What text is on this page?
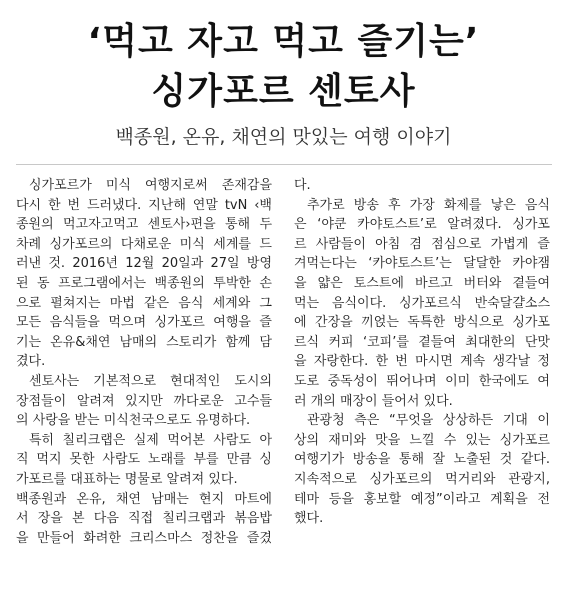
‘먹고 자고 먹고 즐기는’
싱가포르 센토사
백종원, 온유, 채연의 맛있는 여행 이야기
싱가포르가 미식 여행지로써 존재감을
다시 한 번 드러냈다. 지난해 연말 tvN ‹백
종원의 먹고자고먹고 센토사›편을 통해 두
차례 싱가포르의 다채로운 미식 세계를 드
러낸 것. 2016년 12월 20일과 27일 방영
된 동 프로그램에서는 백종원의 투박한 손
으로 펼쳐지는 마법 같은 음식 세계와 그
모든 음식들을 먹으며 싱가포르 여행을 즐
기는 온유&채연 남매의 스토리가 함께 담
겼다.
센토사는 기본적으로 현대적인 도시의
장점들이 알려져 있지만 까다로운 고수들
의 사랑을 받는 미식천국으로도 유명하다.
특히 칠리크랩은 실제 먹어본 사람도 아
직 먹지 못한 사람도 노래를 부를 만큼 싱
가포르를 대표하는 명물로 알려져 있다.
백종원과 온유, 채연 남매는 현지 마트에
서 장을 본 다음 직접 칠리크랩과 볶음밥
을 만들어 화려한 크리스마스 정찬을 즐겼
다.
추가로 방송 후 가장 화제를 낳은 음식
은 ‘야쿤 카야토스트’로 알려졌다. 싱가포
르 사람들이 아침 겸 점심으로 가볍게 즐
겨먹는다는 ‘카야토스트’는 달달한 카야잼
을 얇은 토스트에 바르고 버터와 곁들여
먹는 음식이다. 싱가포르식 반숙달걀소스
에 간장을 끼얹는 독특한 방식으로 싱가포
르식 커피 ‘코피’를 곁들여 최대한의 단맛
을 자랑한다. 한 번 마시면 계속 생각날 정
도로 중독성이 뛰어나며 이미 한국에도 여
러 개의 매장이 들어서 있다.
관광청 측은 “무엇을 상상하든 기대 이
상의 재미와 맛을 느낄 수 있는 싱가포르
여행기가 방송을 통해 잘 노출된 것 같다.
지속적으로 싱가포르의 먹거리와 관광지,
테마 등을 홍보할 예정”이라고 계획을 전
했다.
